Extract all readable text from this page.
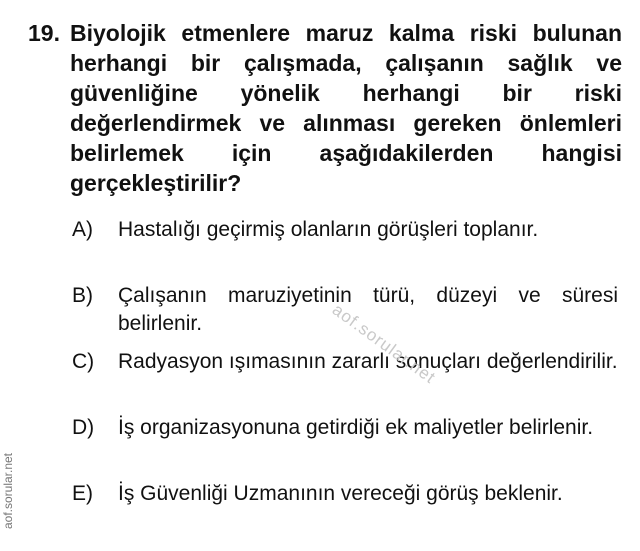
19. Biyolojik etmenlere maruz kalma riski bulunan herhangi bir çalışmada, çalışanın sağlık ve güvenliğine yönelik herhangi bir riski değerlendirmek ve alınması gereken önlemleri belirlemek için aşağıdakilerden hangisi gerçekleştirilir?
A)	Hastalığı geçirmiş olanların görüşleri toplanır.
B)	Çalışanın maruziyetinin türü, düzeyi ve süresi belirlenir.
C)	Radyasyon ışımasının zararlı sonuçları değerlendirilir.
D)	İş organizasyonuna getirdiği ek maliyetler belirlenir.
E)	İş Güvenliği Uzmanının vereceği görüş beklenir.
aof.sorular.net
aof.sorular.net
